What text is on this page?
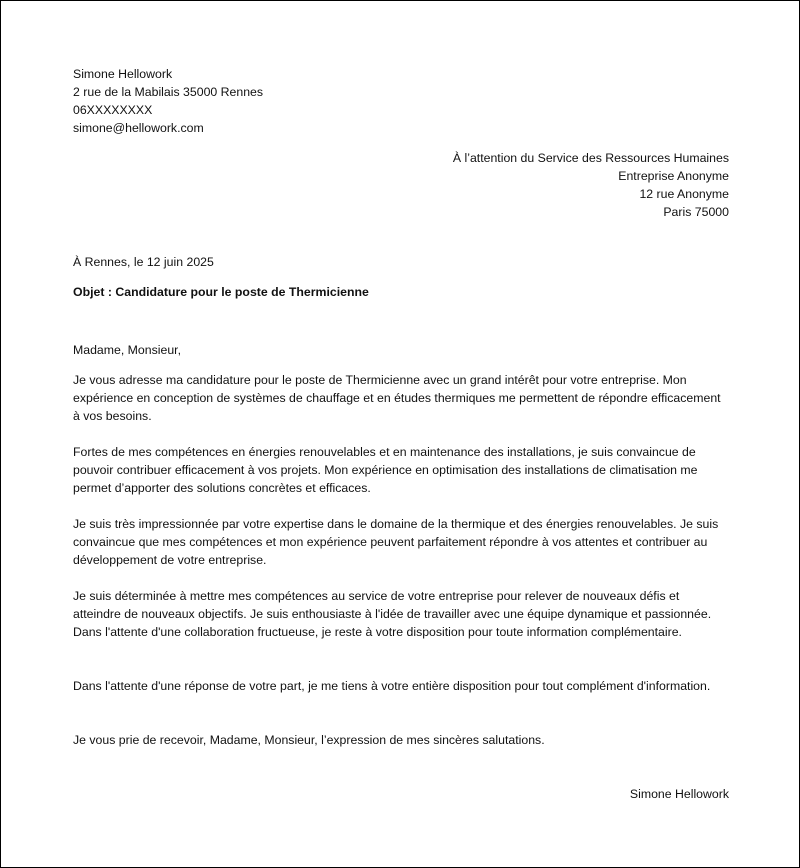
Simone Hellowork
2 rue de la Mabilais 35000 Rennes
06XXXXXXXX
simone@hellowork.com
À l’attention du Service des Ressources Humaines
Entreprise Anonyme
12 rue Anonyme
Paris 75000
À Rennes, le 12 juin 2025
Objet : Candidature pour le poste de Thermicienne
Madame, Monsieur,

Je vous adresse ma candidature pour le poste de Thermicienne avec un grand intérêt pour votre entreprise. Mon expérience en conception de systèmes de chauffage et en études thermiques me permettent de répondre efficacement à vos besoins.

Fortes de mes compétences en énergies renouvelables et en maintenance des installations, je suis convaincue de pouvoir contribuer efficacement à vos projets. Mon expérience en optimisation des installations de climatisation me permet d’apporter des solutions concrètes et efficaces.

Je suis très impressionnée par votre expertise dans le domaine de la thermique et des énergies renouvelables. Je suis convaincue que mes compétences et mon expérience peuvent parfaitement répondre à vos attentes et contribuer au développement de votre entreprise.

Je suis déterminée à mettre mes compétences au service de votre entreprise pour relever de nouveaux défis et atteindre de nouveaux objectifs. Je suis enthousiaste à l'idée de travailler avec une équipe dynamique et passionnée. Dans l'attente d'une collaboration fructueuse, je reste à votre disposition pour toute information complémentaire.

Dans l'attente d'une réponse de votre part, je me tiens à votre entière disposition pour tout complément d'information.

Je vous prie de recevoir, Madame, Monsieur, l’expression de mes sincères salutations.

Simone Hellowork
